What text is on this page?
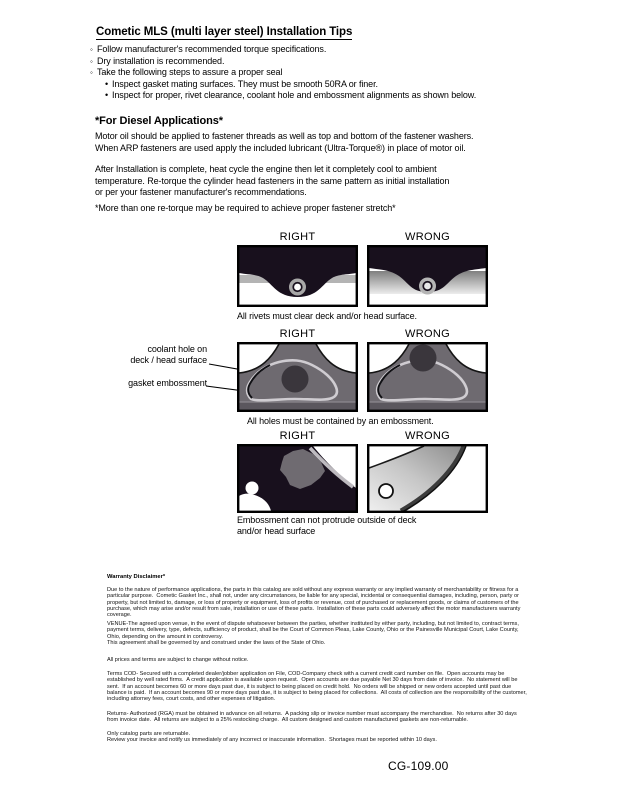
Cometic MLS (multi layer steel) Installation Tips
◦ Follow manufacturer's recommended torque specifications.
◦ Dry installation is recommended.
◦ Take the following steps to assure a proper seal
• Inspect gasket mating surfaces. They must be smooth 50RA or finer.
• Inspect for proper, rivet clearance, coolant hole and embossment alignments as shown below.
*For Diesel Applications*
Motor oil should be applied to fastener threads as well as top and bottom of the fastener washers.
When ARP fasteners are used apply the included lubricant (Ultra-Torque®) in place of motor oil.
After Installation is complete, heat cycle the engine then let it completely cool to ambient
temperature. Re-torque the cylinder head fasteners in the same pattern as initial installation
or per your fastener manufacturer's recommendations.
*More than one re-torque may be required to achieve proper fastener stretch*
RIGHT	WRONG
All rivets must clear deck and/or head surface.
RIGHT	WRONG
coolant hole on
deck / head surface
gasket embossment
All holes must be contained by an embossment.
RIGHT	WRONG
Embossment can not protrude outside of deck
and/or head surface
Warranty Disclaimer*
Due to the nature of performance applications, the parts in this catalog are sold without any express warranty or any implied warranty of merchantability or fitness for a particular purpose.  Cometic Gasket Inc., shall not, under any circumstances, be liable for any special, incidental or consequential damages, including, person, party or property, but not limited to, damage, or loss of property or equipment, loss of profits or revenue, cost of purchased or replacement goods, or claims of customers of the purchase, which may arise and/or result from sale, installation or use of these parts.  Installation of these parts could adversely affect the motor manufacturers warranty coverage.
VENUE-The agreed upon venue, in the event of dispute whatsoever between the parties, whether instituted by either party, including, but not limited to, contract terms, payment terms, delivery, type, defects, sufficiency of product, shall be the Court of Common Pleas, Lake County, Ohio or the Painesville Municipal Court, Lake County, Ohio, depending on the amount in controversy.
This agreement shall be governed by and construed under the laws of the State of Ohio.
All prices and terms are subject to change without notice.
Terms COD- Secured with a completed dealer/jobber application on File, COD-Company check with a current credit card number on file.  Open accounts may be established by well rated firms.  A credit application is available upon request.  Open accounts are due payable Net 30 days from date of invoice.  No statement will be sent.  If an account becomes 60 or more days past due, it is subject to being placed on credit hold.  No orders will be shipped or new orders accepted until past due balance is paid.  If an account becomes 90 or more days past due, it is subject to being placed for collections.  All costs of collection are the responsibility of the customer, including attorney fees, court costs, and other expenses of litigation.
Returns- Authorized (RGA) must be obtained in advance on all returns.  A packing slip or invoice number must accompany the merchandise.  No returns after 30 days from invoice date.  All returns are subject to a 25% restocking charge.  All custom designed and custom manufactured gaskets are non-returnable.
Only catalog parts are returnable.
Review your invoice and notify us immediately of any incorrect or inaccurate information.  Shortages must be reported within 10 days.
CG-109.00
